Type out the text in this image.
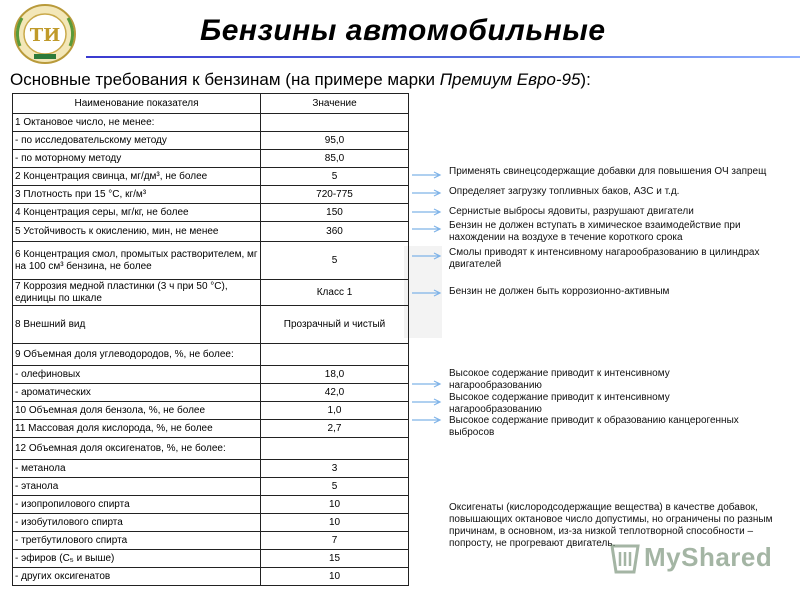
ТИ	Бензины автомобильные
Основные требования к бензинам (на примере марки Премиум Евро-95):
Наименование показателя	Значение
1 Октановое число, не менее:	
- по исследовательскому методу	95,0
- по моторному методу	85,0
2 Концентрация свинца, мг/дм³, не более	5
3 Плотность при 15 °С, кг/м³	720-775
4 Концентрация серы, мг/кг, не более	150
5 Устойчивость к окислению, мин, не менее	360
6 Концентрация смол, промытых растворителем, мг на 100 см³ бензина, не более	5
7 Коррозия медной пластинки (3 ч при 50 °С), единицы по шкале	Класс 1
8 Внешний вид	Прозрачный и чистый
9 Объемная доля углеводородов, %, не более:	
- олефиновых	18,0
- ароматических	42,0
10 Объемная доля бензола, %, не более	1,0
11 Массовая доля кислорода, %, не более	2,7
12 Объемная доля оксигенатов, %, не более:	
- метанола	3
- этанола	5
- изопропилового спирта	10
- изобутилового спирта	10
- третбутилового спирта	7
- эфиров (С₅ и выше)	15
- других оксигенатов	10
Применять свинецсодержащие добавки для повышения ОЧ запрещ
Определяет загрузку топливных баков, АЗС и т.д.
Сернистые выбросы ядовиты, разрушают двигатели
Бензин не должен вступать в химическое взаимодействие при нахождении на воздухе в течение короткого срока
Смолы приводят к интенсивному нагарообразованию в цилиндрах двигателей
Бензин не должен быть коррозионно-активным
Высокое содержание приводит к интенсивному нагарообразованию
Высокое содержание приводит к интенсивному нагарообразованию
Высокое содержание приводит к образованию канцерогенных выбросов
Оксигенаты (кислородсодержащие вещества) в качестве добавок, повышающих октановое число допустимы, но ограничены по разным причинам, в основном, из-за низкой теплотворной способности – попросту, не прогревают двигатель.	MyShared
